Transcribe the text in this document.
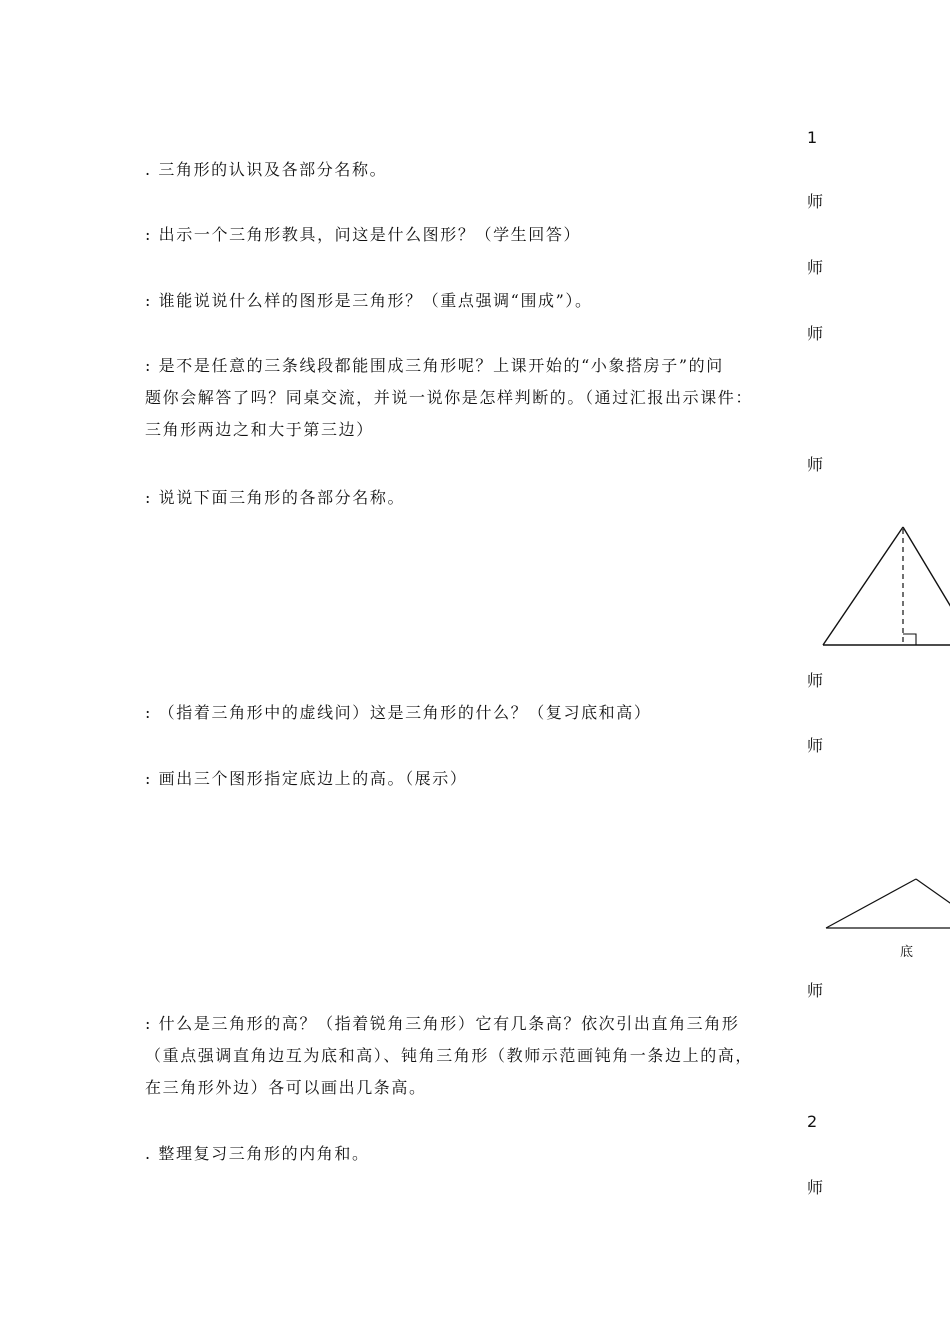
1
师
师
师
师
师
师
师
2
师
. 三角形的认识及各部分名称。
: 出示一个三角形教具，问这是什么图形？（学生回答）
: 谁能说说什么样的图形是三角形？（重点强调“围成”）。
: 是不是任意的三条线段都能围成三角形呢？上课开始的“小象搭房子”的问
题你会解答了吗？同桌交流，并说一说你是怎样判断的。（通过汇报出示课件：
三角形两边之和大于第三边）
: 说说下面三角形的各部分名称。
: （指着三角形中的虚线问）这是三角形的什么？（复习底和高）
: 画出三个图形指定底边上的高。（展示）
: 什么是三角形的高？（指着锐角三角形）它有几条高？依次引出直角三角形
（重点强调直角边互为底和高）、钝角三角形（教师示范画钝角一条边上的高，
在三角形外边）各可以画出几条高。
. 整理复习三角形的内角和。
底
